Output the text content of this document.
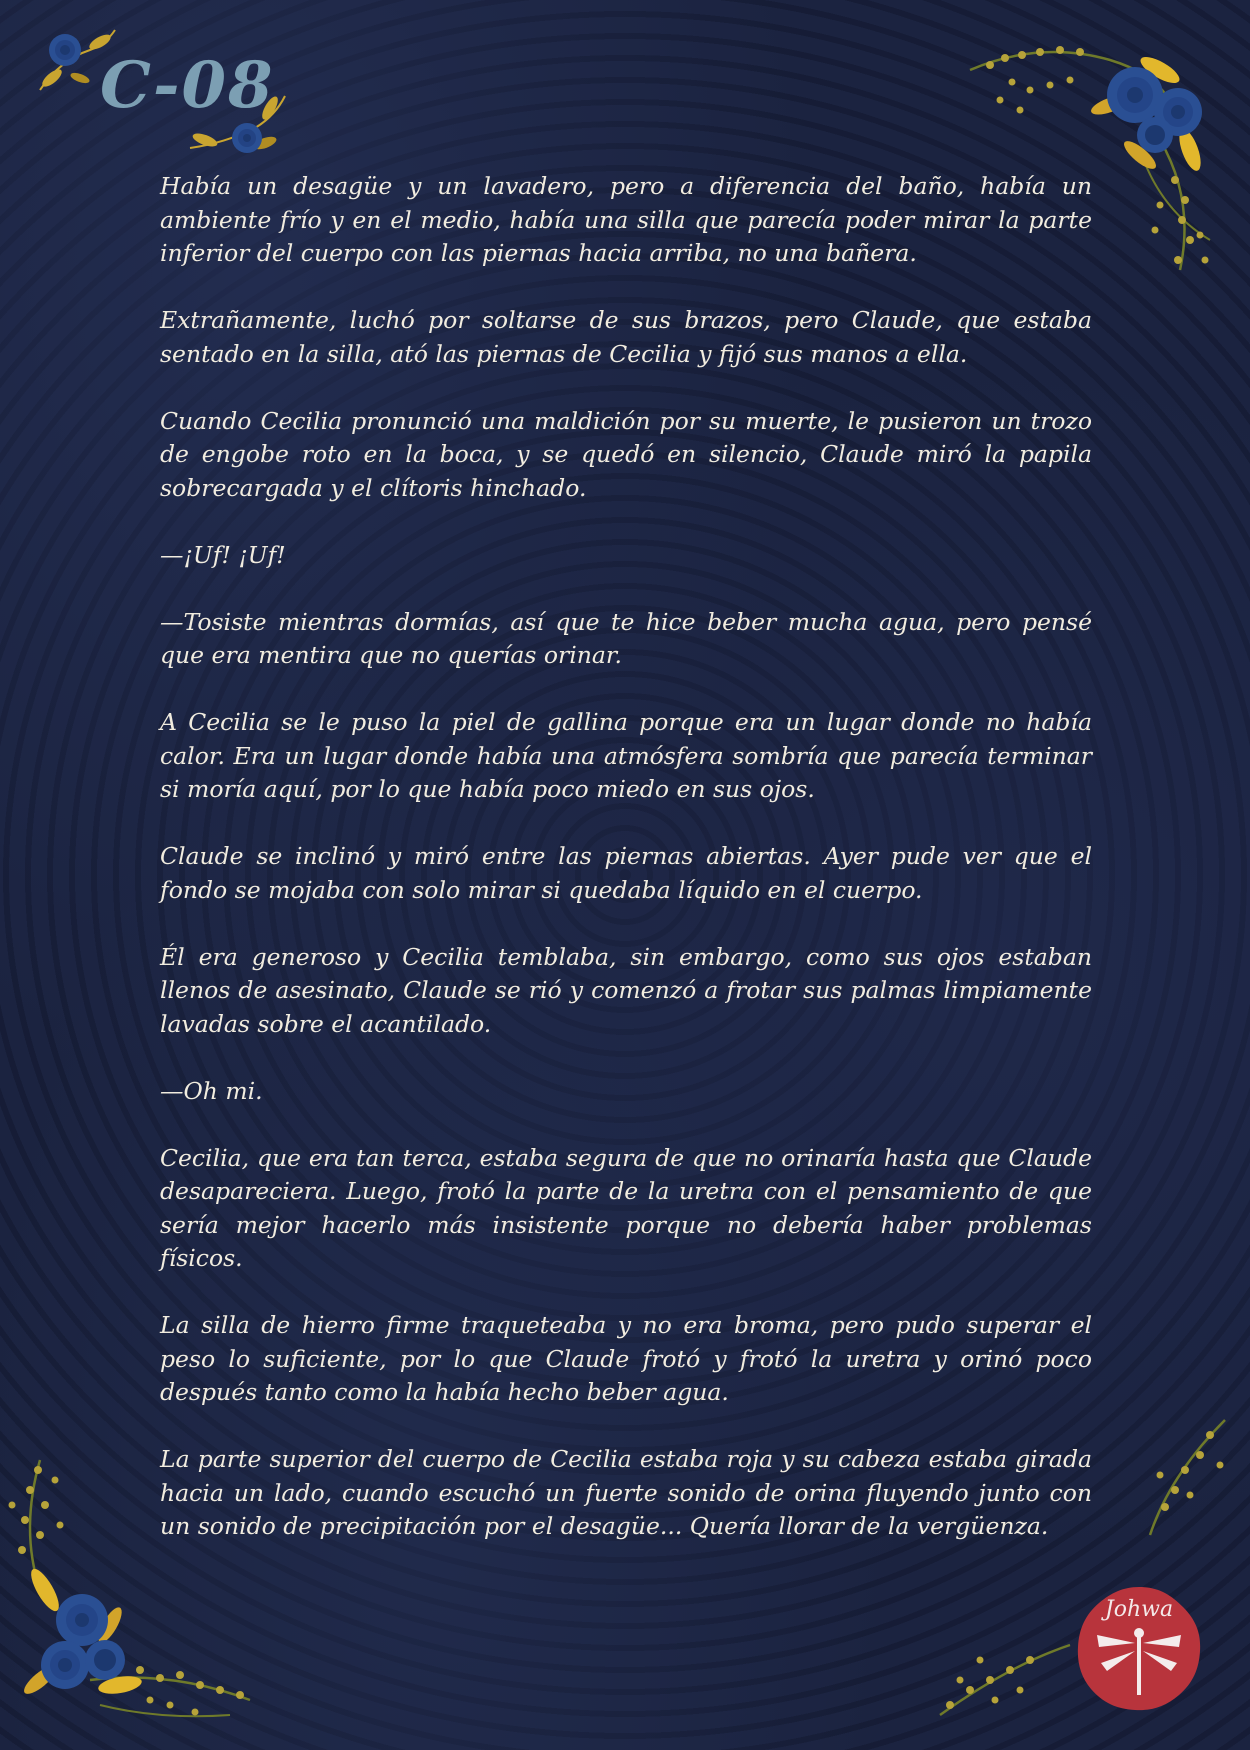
Johwa
C-08

Había un desagüe y un lavadero, pero a diferencia del baño, había un ambiente frío y en el medio, había una silla que parecía poder mirar la parte inferior del cuerpo con las piernas hacia arriba, no una bañera.

Extrañamente, luchó por soltarse de sus brazos, pero Claude, que estaba sentado en la silla, ató las piernas de Cecilia y fijó sus manos a ella.

Cuando Cecilia pronunció una maldición por su muerte, le pusieron un trozo de engobe roto en la boca, y se quedó en silencio, Claude miró la papila sobrecargada y el clítoris hinchado.

—¡Uf! ¡Uf!

—Tosiste mientras dormías, así que te hice beber mucha agua, pero pensé que era mentira que no querías orinar.

A Cecilia se le puso la piel de gallina porque era un lugar donde no había calor. Era un lugar donde había una atmósfera sombría que parecía terminar si moría aquí, por lo que había poco miedo en sus ojos.

Claude se inclinó y miró entre las piernas abiertas. Ayer pude ver que el fondo se mojaba con solo mirar si quedaba líquido en el cuerpo.

Él era generoso y Cecilia temblaba, sin embargo, como sus ojos estaban llenos de asesinato, Claude se rió y comenzó a frotar sus palmas limpiamente lavadas sobre el acantilado.

—Oh mi.

Cecilia, que era tan terca, estaba segura de que no orinaría hasta que Claude desapareciera. Luego, frotó la parte de la uretra con el pensamiento de que sería mejor hacerlo más insistente porque no debería haber problemas físicos.

La silla de hierro firme traqueteaba y no era broma, pero pudo superar el peso lo suficiente, por lo que Claude frotó y frotó la uretra y orinó poco después tanto como la había hecho beber agua.

La parte superior del cuerpo de Cecilia estaba roja y su cabeza estaba girada hacia un lado, cuando escuchó un fuerte sonido de orina fluyendo junto con un sonido de precipitación por el desagüe... Quería llorar de la vergüenza.
